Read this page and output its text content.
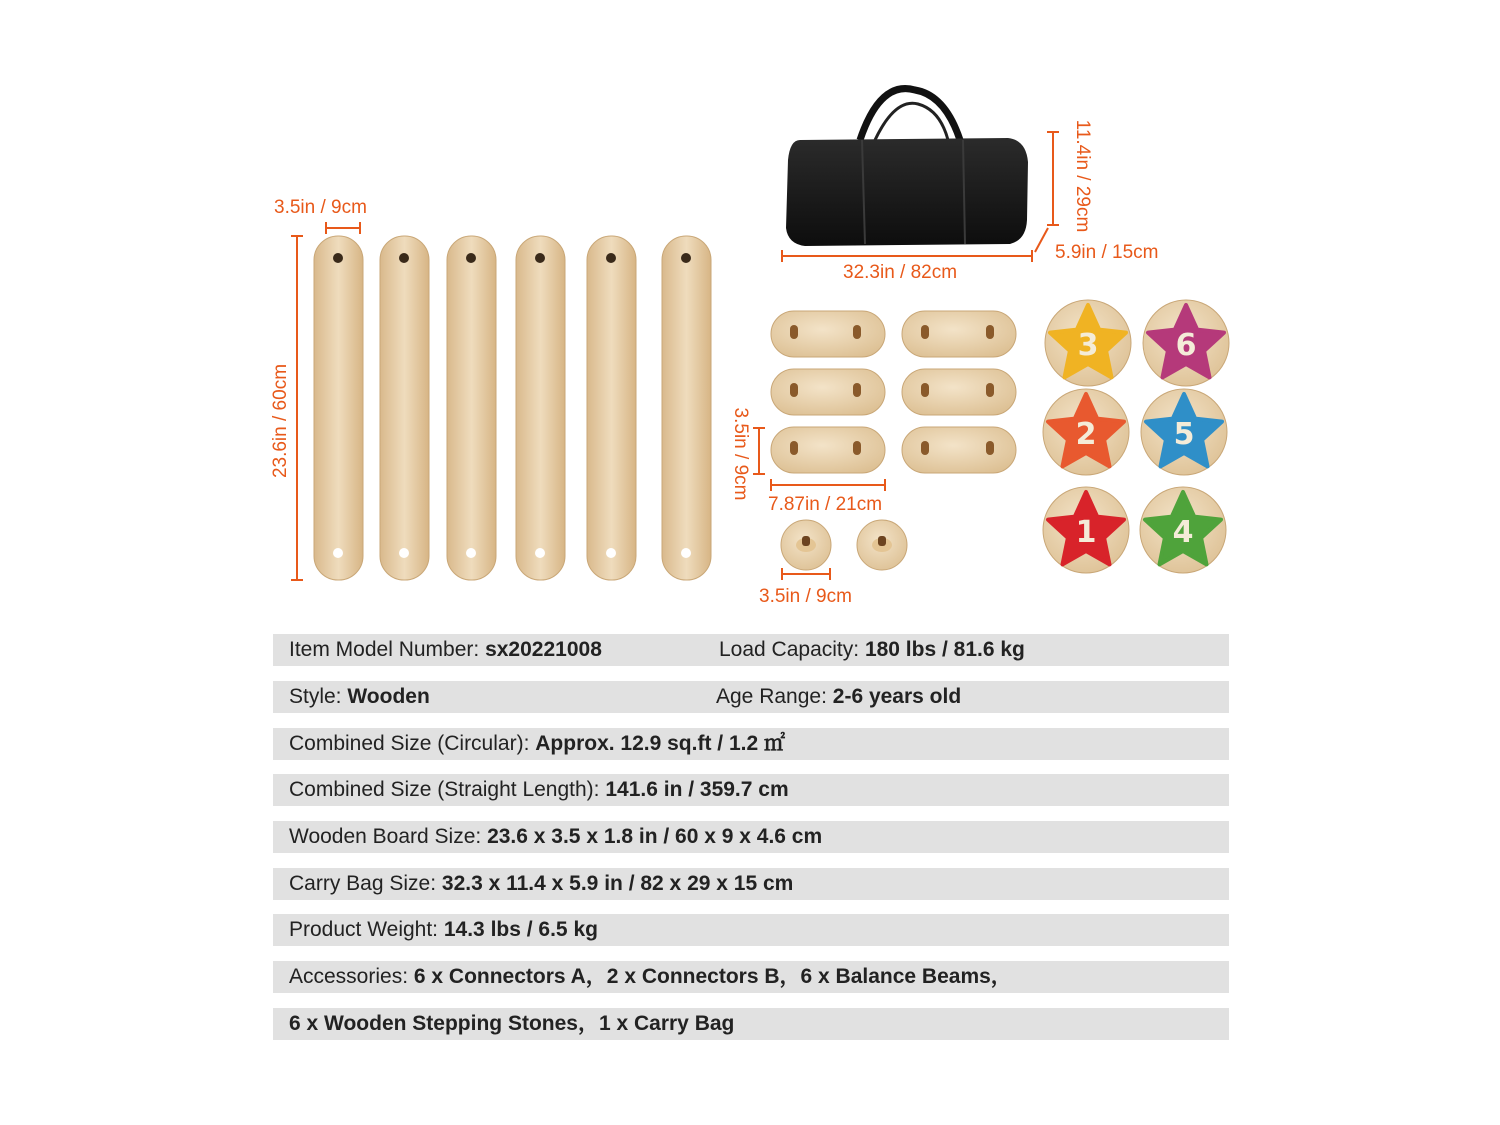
3	6
2	5
1	4
3.5in / 9cm
23.6in / 60cm
11.4in / 29cm
5.9in / 15cm
32.3in / 82cm
3.5in / 9cm
7.87in / 21cm
3.5in / 9cm
Item Model Number: sx20221008	Load Capacity: 180 lbs / 81.6 kg
Style: Wooden	Age Range: 2-6 years old
Combined Size (Circular): Approx. 12.9 sq.ft / 1.2 ㎡
Combined Size (Straight Length): 141.6 in / 359.7 cm
Wooden Board Size: 23.6 x 3.5 x 1.8 in / 60 x 9 x 4.6 cm
Carry Bag Size: 32.3 x 11.4 x 5.9 in / 82 x 29 x 15 cm
Product Weight: 14.3 lbs / 6.5 kg
Accessories: 6 x Connectors A，2 x Connectors B，6 x Balance Beams，
6 x Wooden Stepping Stones，1 x Carry Bag
